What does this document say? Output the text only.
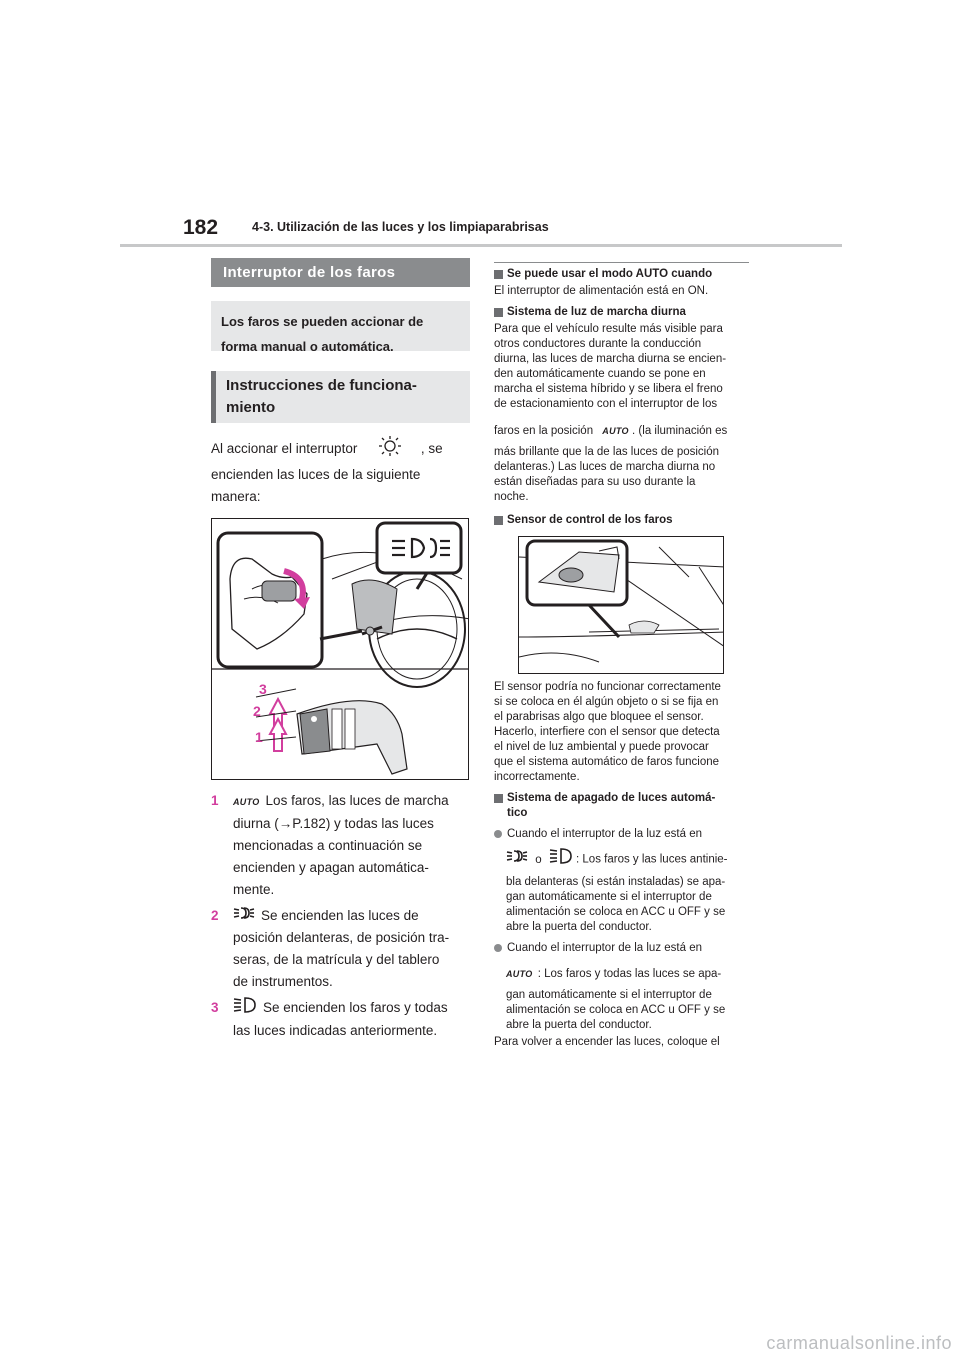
182	4-3. Utilización de las luces y los limpiaparabrisas
Interruptor de los faros
Los faros se pueden accionar de
forma manual o automática.
Instrucciones de funciona-
miento
Al accionar el interruptor	, se
encienden las luces de la siguiente
manera:
3
2
1
1	AUTO Los faros, las luces de marcha
diurna (→P.182) y todas las luces
mencionadas a continuación se
encienden y apagan automática-
mente.
2	Se encienden las luces de
posición delanteras, de posición tra-
seras, de la matrícula y del tablero
de instrumentos.
3	Se encienden los faros y todas
las luces indicadas anteriormente.
Se puede usar el modo AUTO cuando
El interruptor de alimentación está en ON.
Sistema de luz de marcha diurna
Para que el vehículo resulte más visible para
otros conductores durante la conducción
diurna, las luces de marcha diurna se encien-
den automáticamente cuando se pone en
marcha el sistema híbrido y se libera el freno
de estacionamiento con el interruptor de los
faros en la posición AUTO . (la iluminación es
más brillante que la de las luces de posición
delanteras.) Las luces de marcha diurna no
están diseñadas para su uso durante la
noche.
Sensor de control de los faros
El sensor podría no funcionar correctamente
si se coloca en él algún objeto o si se fija en
el parabrisas algo que bloquee el sensor.
Hacerlo, interfiere con el sensor que detecta
el nivel de luz ambiental y puede provocar
que el sistema automático de faros funcione
incorrectamente.
Sistema de apagado de luces automá-
tico
Cuando el interruptor de la luz está en
o	: Los faros y las luces antinie-
bla delanteras (si están instaladas) se apa-
gan automáticamente si el interruptor de
alimentación se coloca en ACC u OFF y se
abre la puerta del conductor.
Cuando el interruptor de la luz está en
AUTO : Los faros y todas las luces se apa-
gan automáticamente si el interruptor de
alimentación se coloca en ACC u OFF y se
abre la puerta del conductor.
Para volver a encender las luces, coloque el
carmanualsonline.info
